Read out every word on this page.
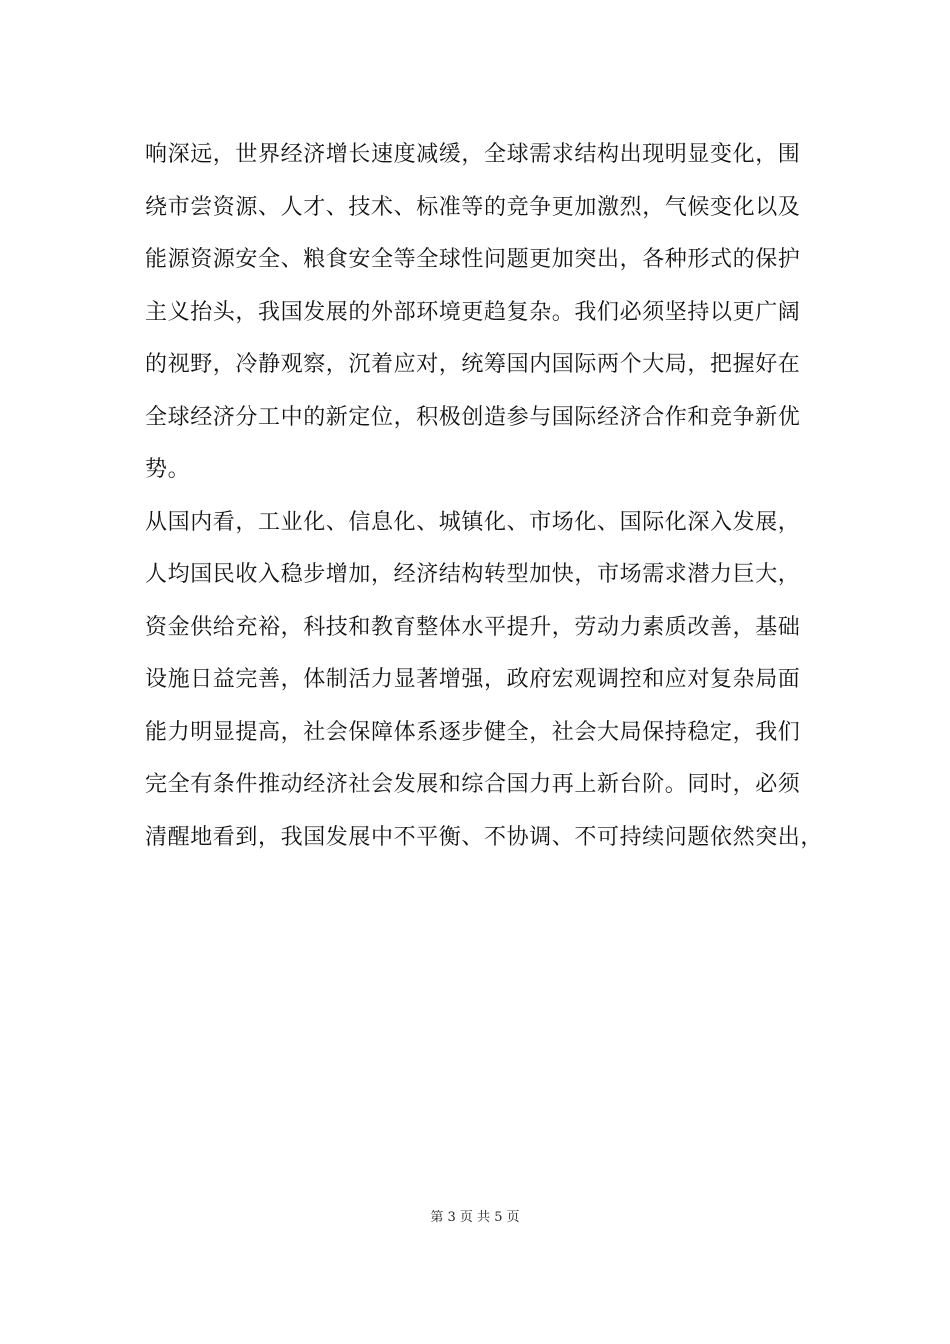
响深远，世界经济增长速度减缓，全球需求结构出现明显变化，围
绕市尝资源、人才、技术、标准等的竞争更加激烈，气候变化以及
能源资源安全、粮食安全等全球性问题更加突出，各种形式的保护
主义抬头，我国发展的外部环境更趋复杂。我们必须坚持以更广阔
的视野，冷静观察，沉着应对，统筹国内国际两个大局，把握好在
全球经济分工中的新定位，积极创造参与国际经济合作和竞争新优
势。
从国内看，工业化、信息化、城镇化、市场化、国际化深入发展，
人均国民收入稳步增加，经济结构转型加快，市场需求潜力巨大，
资金供给充裕，科技和教育整体水平提升，劳动力素质改善，基础
设施日益完善，体制活力显著增强，政府宏观调控和应对复杂局面
能力明显提高，社会保障体系逐步健全，社会大局保持稳定，我们
完全有条件推动经济社会发展和综合国力再上新台阶。同时，必须
清醒地看到，我国发展中不平衡、不协调、不可持续问题依然突出，
第 3 页 共 5 页
